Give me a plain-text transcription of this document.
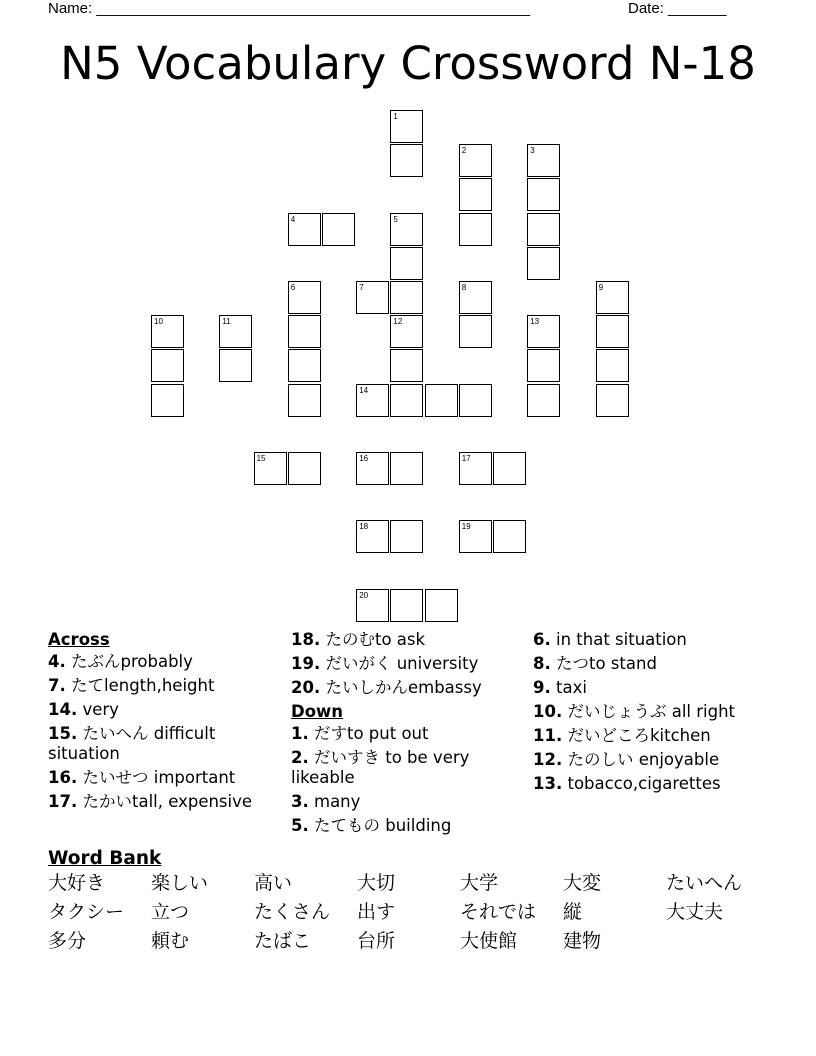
Name: ____________________________________________________	Date: _______
N5 Vocabulary Crossword N-18
1
2	3
4	5
6	7	8	9
10	11	12	13
14
15	16	17
18	19
20
Across
4. たぶんprobably
7. たてlength,height
14. very
15. たいへん difficult situation
16. たいせつ important
17. たかいtall, expensive
18. たのむto ask
19. だいがく university
20. たいしかんembassy
Down
1. だすto put out
2. だいすき to be very likeable
3. many
5. たてもの building
6. in that situation
8. たつto stand
9. taxi
10. だいじょうぶ all right
11. だいどころkitchen
12. たのしい enjoyable
13. tobacco,cigarettes
Word Bank
大好き	楽しい	高い	大切	大学	大変	たいへん
タクシー	立つ	たくさん	出す	それでは	縦	大丈夫
多分	頼む	たばこ	台所	大使館	建物
